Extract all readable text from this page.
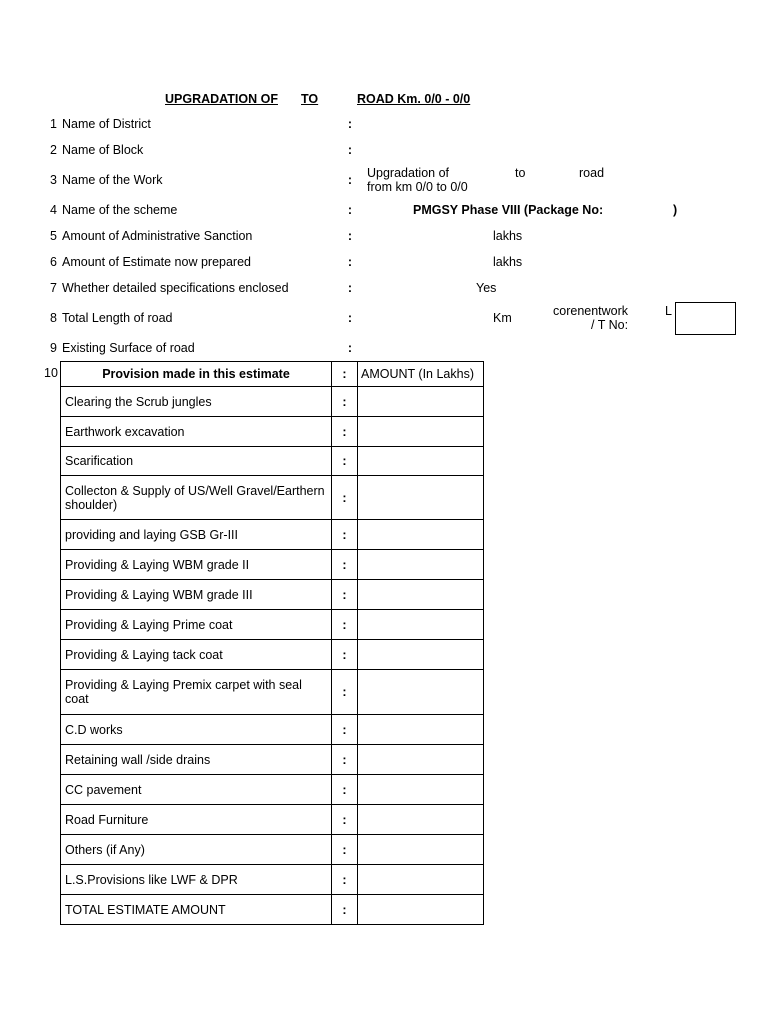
UPGRADATION OF TO	ROAD Km. 0/0 - 0/0
1 Name of District	:
2 Name of Block	:
3 Name of the Work	: Upgradation of	to	road
from km 0/0 to 0/0
4 Name of the scheme	:	PMGSY Phase VIII (Package No:	)
5 Amount of Administrative Sanction	:	lakhs
6 Amount of Estimate now prepared	:	lakhs
7 Whether detailed specifications enclosed	:	Yes
8 Total Length of road	:	Km	corenentwork	L
/ T No:
9 Existing Surface of road	:
10	Provision made in this estimate	:	AMOUNT (In Lakhs)
Clearing the Scrub jungles	:	
Earthwork excavation	:	
Scarification	:	
Collecton & Supply of US/Well Gravel/Earthern shoulder)	:	
providing and laying GSB Gr-III	:	
Providing & Laying WBM grade II	:	
Providing & Laying WBM grade III	:	
Providing & Laying Prime coat	:	
Providing & Laying tack coat	:	
Providing & Laying Premix carpet with seal coat	:	
C.D works	:	
Retaining wall /side drains	:	
CC pavement	:	
Road Furniture	:	
Others (if Any)	:	
L.S.Provisions like LWF & DPR	:	
TOTAL ESTIMATE AMOUNT	:	
